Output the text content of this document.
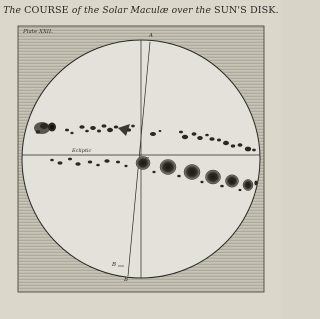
The COURSE of the Solar Maculæ over the SUN'S DISK.
Plate XXII.
Ecliptic
A
B
C
B
